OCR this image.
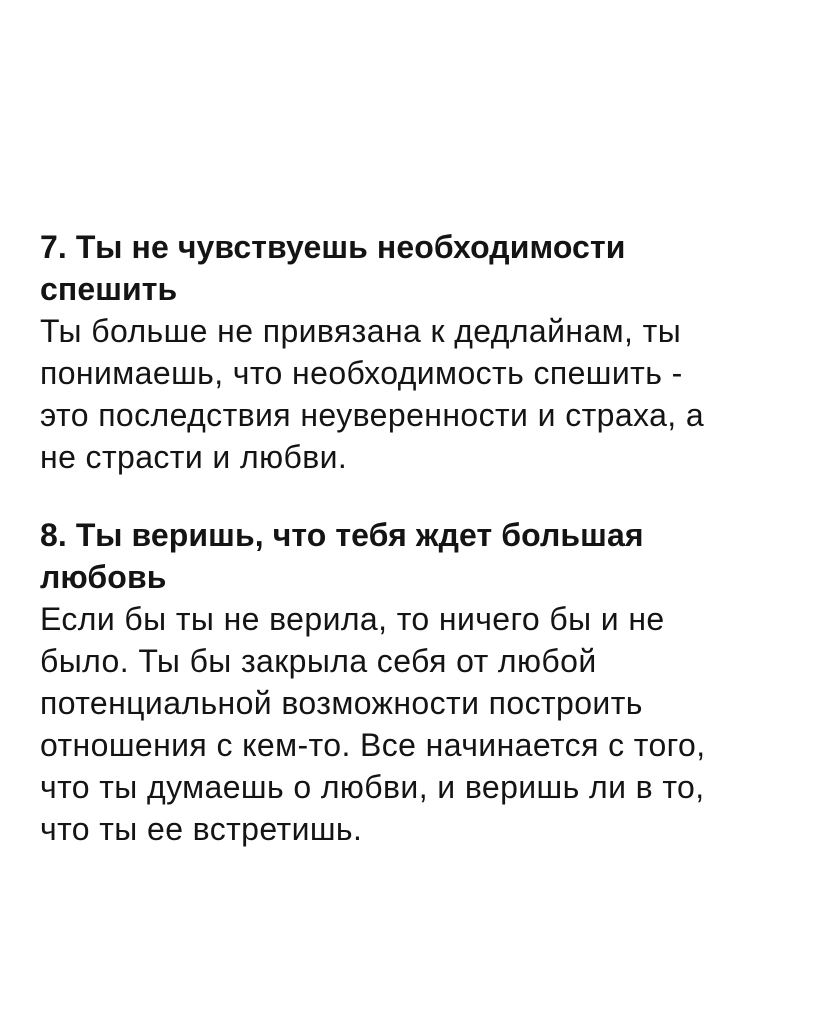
7. Ты не чувствуешь необходимости
спешить
Ты больше не привязана к дедлайнам, ты
понимаешь, что необходимость спешить -
это последствия неуверенности и страха, а
не страсти и любви.
8. Ты веришь, что тебя ждет большая
любовь
Если бы ты не верила, то ничего бы и не
было. Ты бы закрыла себя от любой
потенциальной возможности построить
отношения с кем-то. Все начинается с того,
что ты думаешь о любви, и веришь ли в то,
что ты ее встретишь.
